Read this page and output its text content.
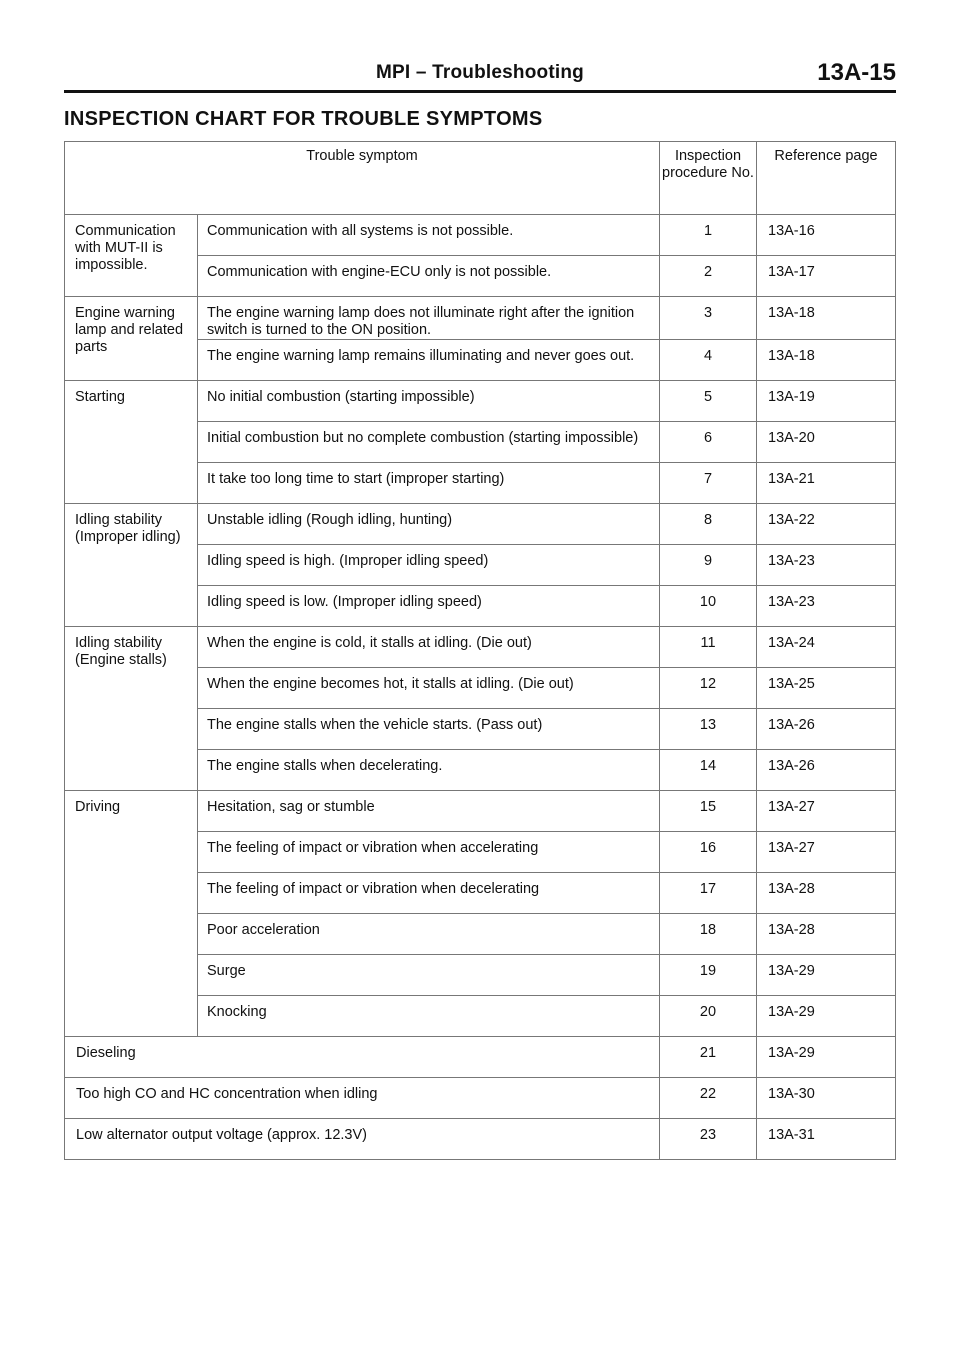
MPI – Troubleshooting	13A-15
INSPECTION CHART FOR TROUBLE SYMPTOMS
Trouble symptom		Inspection procedure No.	Reference page
Communication with MUT-II is impossible.	Communication with all systems is not possible.	1	13A-16
	Communication with engine-ECU only is not possible.	2	13A-17
Engine warning lamp and related parts	The engine warning lamp does not illuminate right after the ignition switch is turned to the ON position.	3	13A-18
	The engine warning lamp remains illuminating and never goes out.	4	13A-18
Starting	No initial combustion (starting impossible)	5	13A-19
	Initial combustion but no complete combustion (starting impossible)	6	13A-20
	It take too long time to start (improper starting)	7	13A-21
Idling stability (Improper idling)	Unstable idling (Rough idling, hunting)	8	13A-22
	Idling speed is high. (Improper idling speed)	9	13A-23
	Idling speed is low. (Improper idling speed)	10	13A-23
Idling stability (Engine stalls)	When the engine is cold, it stalls at idling. (Die out)	11	13A-24
	When the engine becomes hot, it stalls at idling. (Die out)	12	13A-25
	The engine stalls when the vehicle starts. (Pass out)	13	13A-26
	The engine stalls when decelerating.	14	13A-26
Driving	Hesitation, sag or stumble	15	13A-27
	The feeling of impact or vibration when accelerating	16	13A-27
	The feeling of impact or vibration when decelerating	17	13A-28
	Poor acceleration	18	13A-28
	Surge	19	13A-29
	Knocking	20	13A-29
Dieseling		21	13A-29
Too high CO and HC concentration when idling		22	13A-30
Low alternator output voltage (approx. 12.3V)		23	13A-31
